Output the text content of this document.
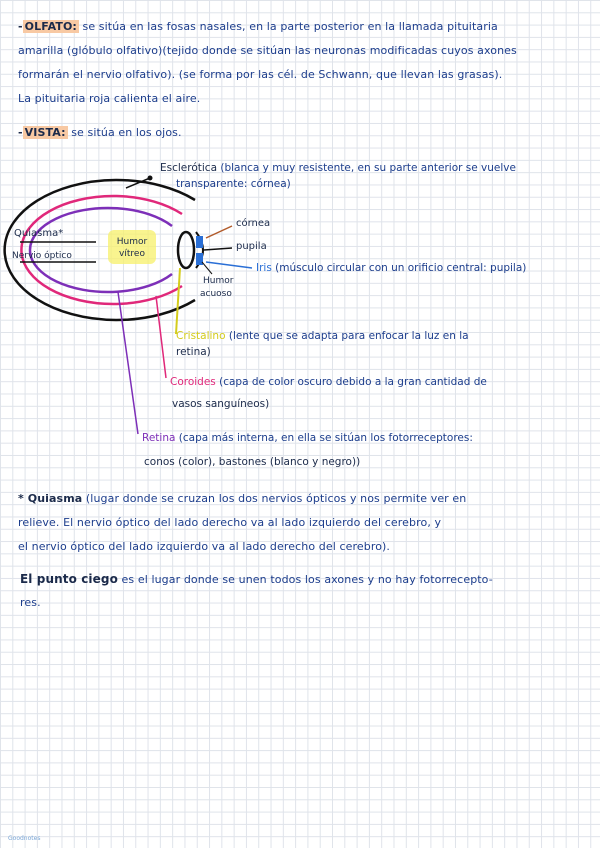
- OLFATO: se sitúa en las fosas nasales, en la parte posterior en la llamada pituitaria
amarilla (glóbulo olfativo)(tejido donde se sitúan las neuronas modificadas cuyos axones
formarán el nervio olfativo). (se forma por las cél. de Schwann, que llevan las grasas).
La pituitaria roja calienta el aire.
- VISTA: se sitúa en los ojos.
Esclerótica (blanca y muy resistente, en su parte anterior se vuelve
transparente: córnea)
Quiasma*
Nervio óptico
Humor vítreo
córnea
pupila
Iris (músculo circular con un orificio central: pupila)
Humor
acuoso
Cristalino (lente que se adapta para enfocar la luz en la
retina)
Coroides (capa de color oscuro debido a la gran cantidad de
vasos sanguíneos)
Retina (capa más interna, en ella se sitúan los fotorreceptores:
conos (color), bastones (blanco y negro))
* Quiasma (lugar donde se cruzan los dos nervios ópticos y nos permite ver en
relieve. El nervio óptico del lado derecho va al lado izquierdo del cerebro, y
el nervio óptico del lado izquierdo va al lado derecho del cerebro).
El punto ciego es el lugar donde se unen todos los axones y no hay fotorrecepto-
res.
Goodnotes
